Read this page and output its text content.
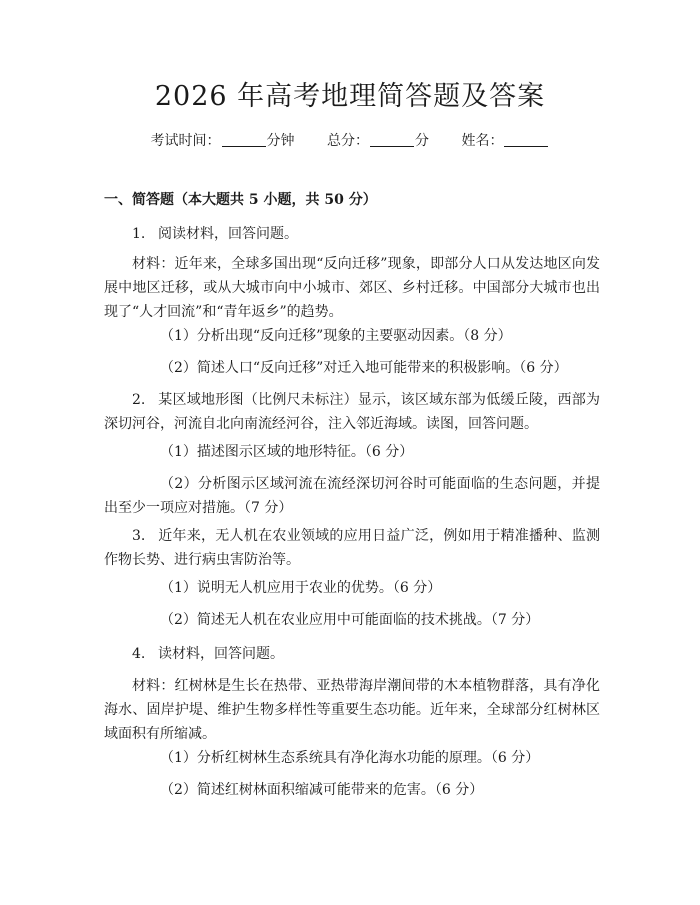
2026 年高考地理简答题及答案
考试时间：	分钟 总分：	分 姓名：
一、简答题（本大题共 5 小题，共 50 分）
1. 阅读材料，回答问题。
材料：近年来，全球多国出现“反向迁移”现象，即部分人口从发达地区向发展中地区迁移，或从大城市向中小城市、郊区、乡村迁移。中国部分大城市也出现了“人才回流”和“青年返乡”的趋势。
（1）分析出现“反向迁移”现象的主要驱动因素。（8 分）
（2）简述人口“反向迁移”对迁入地可能带来的积极影响。（6 分）
2. 某区域地形图（比例尺未标注）显示，该区域东部为低缓丘陵，西部为深切河谷，河流自北向南流经河谷，注入邻近海域。读图，回答问题。
（1）描述图示区域的地形特征。（6 分）
（2）分析图示区域河流在流经深切河谷时可能面临的生态问题，并提出至少一项应对措施。（7 分）
3. 近年来，无人机在农业领域的应用日益广泛，例如用于精准播种、监测作物长势、进行病虫害防治等。
（1）说明无人机应用于农业的优势。（6 分）
（2）简述无人机在农业应用中可能面临的技术挑战。（7 分）
4. 读材料，回答问题。
材料：红树林是生长在热带、亚热带海岸潮间带的木本植物群落，具有净化海水、固岸护堤、维护生物多样性等重要生态功能。近年来，全球部分红树林区域面积有所缩减。
（1）分析红树林生态系统具有净化海水功能的原理。（6 分）
（2）简述红树林面积缩减可能带来的危害。（6 分）
